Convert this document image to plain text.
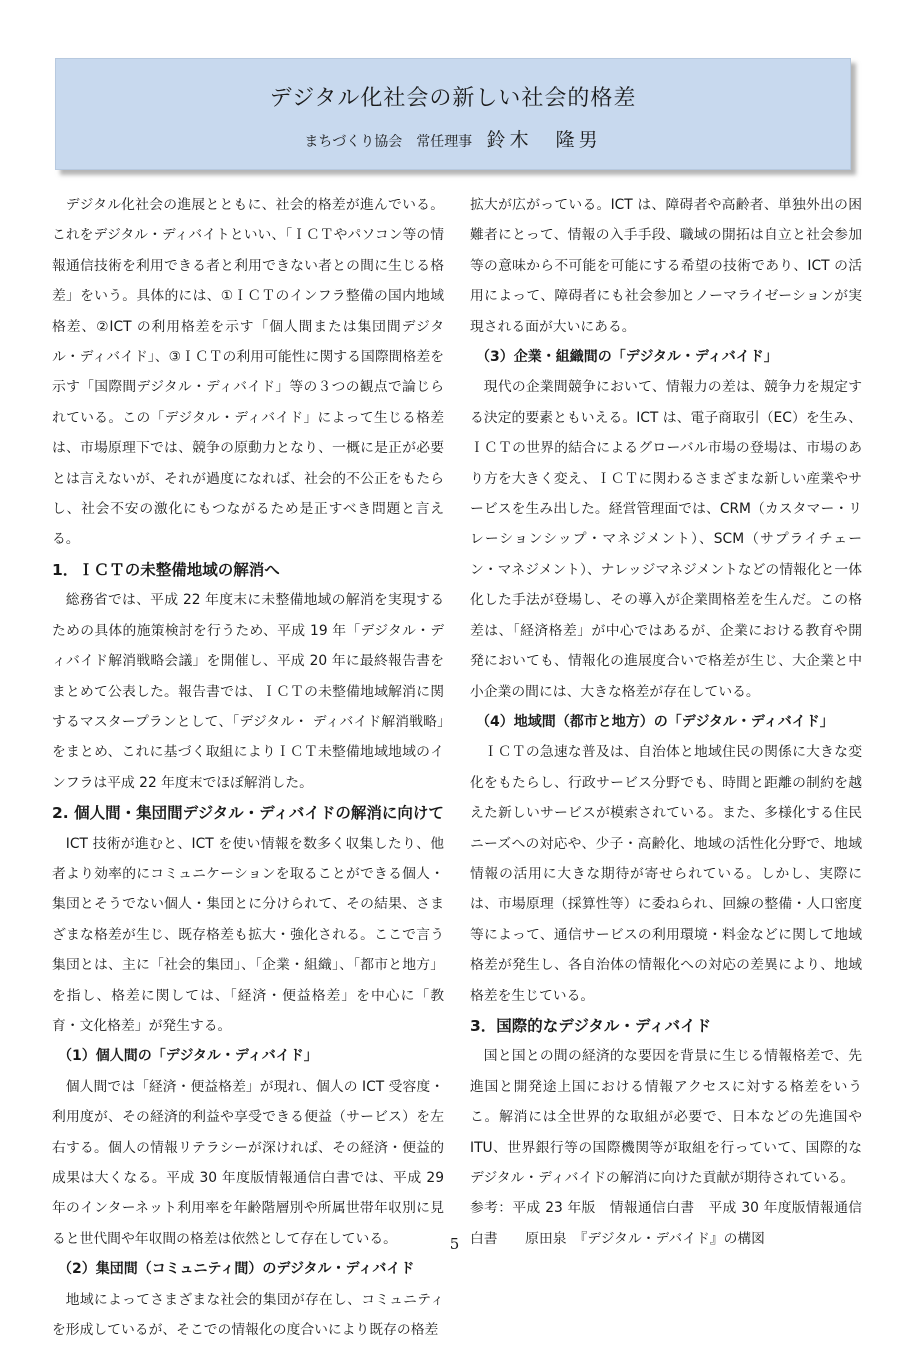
デジタル化社会の新しい社会的格差
まちづくり協会　常任理事 鈴木　隆男

デジタル化社会の進展とともに、社会的格差が進んでいる。これをデジタル・ディバイトといい、「ＩＣＴやパソコン等の情報通信技術を利用できる者と利用できない者との間に生じる格差」をいう。具体的には、①ＩＣＴのインフラ整備の国内地域格差、②ICT の利用格差を示す「個人間または集団間デジタル・ディバイド」、③ＩＣＴの利用可能性に関する国際間格差を示す「国際間デジタル・ディバイド」等の３つの観点で論じられている。この「デジタル・ディバイド」によって生じる格差は、市場原理下では、競争の原動力となり、一概に是正が必要とは言えないが、それが過度になれば、社会的不公正をもたらし、社会不安の激化にもつながるため是正すべき問題と言える。

1．ＩＣＴの未整備地域の解消へ

総務省では、平成 22 年度末に未整備地域の解消を実現するための具体的施策検討を行うため、平成 19 年「デジタル・ディバイド解消戦略会議」を開催し、平成 20 年に最終報告書をまとめて公表した。報告書では、ＩＣＴの未整備地域解消に関するマスタープランとして、「デジタル・ ディバイド解消戦略」をまとめ、これに基づく取組によりＩＣＴ未整備地域地域のインフラは平成 22 年度末でほぼ解消した。

2. 個人間・集団間デジタル・ディバイドの解消に向けて

ICT 技術が進むと、ICT を使い情報を数多く収集したり、他者より効率的にコミュニケーションを取ることができる個人・集団とそうでない個人・集団とに分けられて、その結果、さまざまな格差が生じ、既存格差も拡大・強化される。ここで言う集団とは、主に「社会的集団」、「企業・組織」、「都市と地方」を指し、格差に関しては、「経済・便益格差」を中心に「教育・文化格差」が発生する。

（1）個人間の「デジタル・ディバイド」

個人間では「経済・便益格差」が現れ、個人の ICT 受容度・利用度が、その経済的利益や享受できる便益（サービス）を左右する。個人の情報リテラシーが深ければ、その経済・便益的成果は大くなる。平成 30 年度版情報通信白書では、平成 29 年のインターネット利用率を年齢階層別や所属世帯年収別に見ると世代間や年収間の格差は依然として存在している。

（2）集団間（コミュニティ間）のデジタル・ディバイド

地域によってさまざまな社会的集団が存在し、コミュニティを形成しているが、そこでの情報化の度合いにより既存の格差

拡大が広がっている。ICT は、障碍者や高齢者、単独外出の困難者にとって、情報の入手手段、職域の開拓は自立と社会参加等の意味から不可能を可能にする希望の技術であり、ICT の活用によって、障碍者にも社会参加とノーマライゼーションが実現される面が大いにある。

（3）企業・組織間の「デジタル・ディバイド」

現代の企業間競争において、情報力の差は、競争力を規定する決定的要素ともいえる。ICT は、電子商取引（EC）を生み、ＩＣＴの世界的結合によるグローバル市場の登場は、市場のあり方を大きく変え、ＩＣＴに関わるさまざまな新しい産業やサービスを生み出した。経営管理面では、CRM（カスタマー・リレーションシップ・マネジメント）、SCM（サプライチェーン・マネジメント）、ナレッジマネジメントなどの情報化と一体化した手法が登場し、その導入が企業間格差を生んだ。この格差は、「経済格差」が中心ではあるが、企業における教育や開発においても、情報化の進展度合いで格差が生じ、大企業と中小企業の間には、大きな格差が存在している。

（4）地域間（都市と地方）の「デジタル・ディバイド」

ＩＣＴの急速な普及は、自治体と地域住民の関係に大きな変化をもたらし、行政サービス分野でも、時間と距離の制約を越えた新しいサービスが模索されている。また、多様化する住民ニーズへの対応や、少子・高齢化、地域の活性化分野で、地域情報の活用に大きな期待が寄せられている。しかし、実際には、市場原理（採算性等）に委ねられ、回線の整備・人口密度等によって、通信サービスの利用環境・料金などに関して地域格差が発生し、各自治体の情報化への対応の差異により、地域格差を生じている。

3．国際的なデジタル・ディバイド

国と国との間の経済的な要因を背景に生じる情報格差で、先進国と開発途上国における情報アクセスに対する格差をいうこ。解消には全世界的な取組が必要で、日本などの先進国やITU、世界銀行等の国際機関等が取組を行っていて、国際的なデジタル・ディバイドの解消に向けた貢献が期待されている。

参考：平成 23 年版　情報通信白書　平成 30 年度版情報通信白書　　原田泉　『デジタル・デバイド』の構図

5
